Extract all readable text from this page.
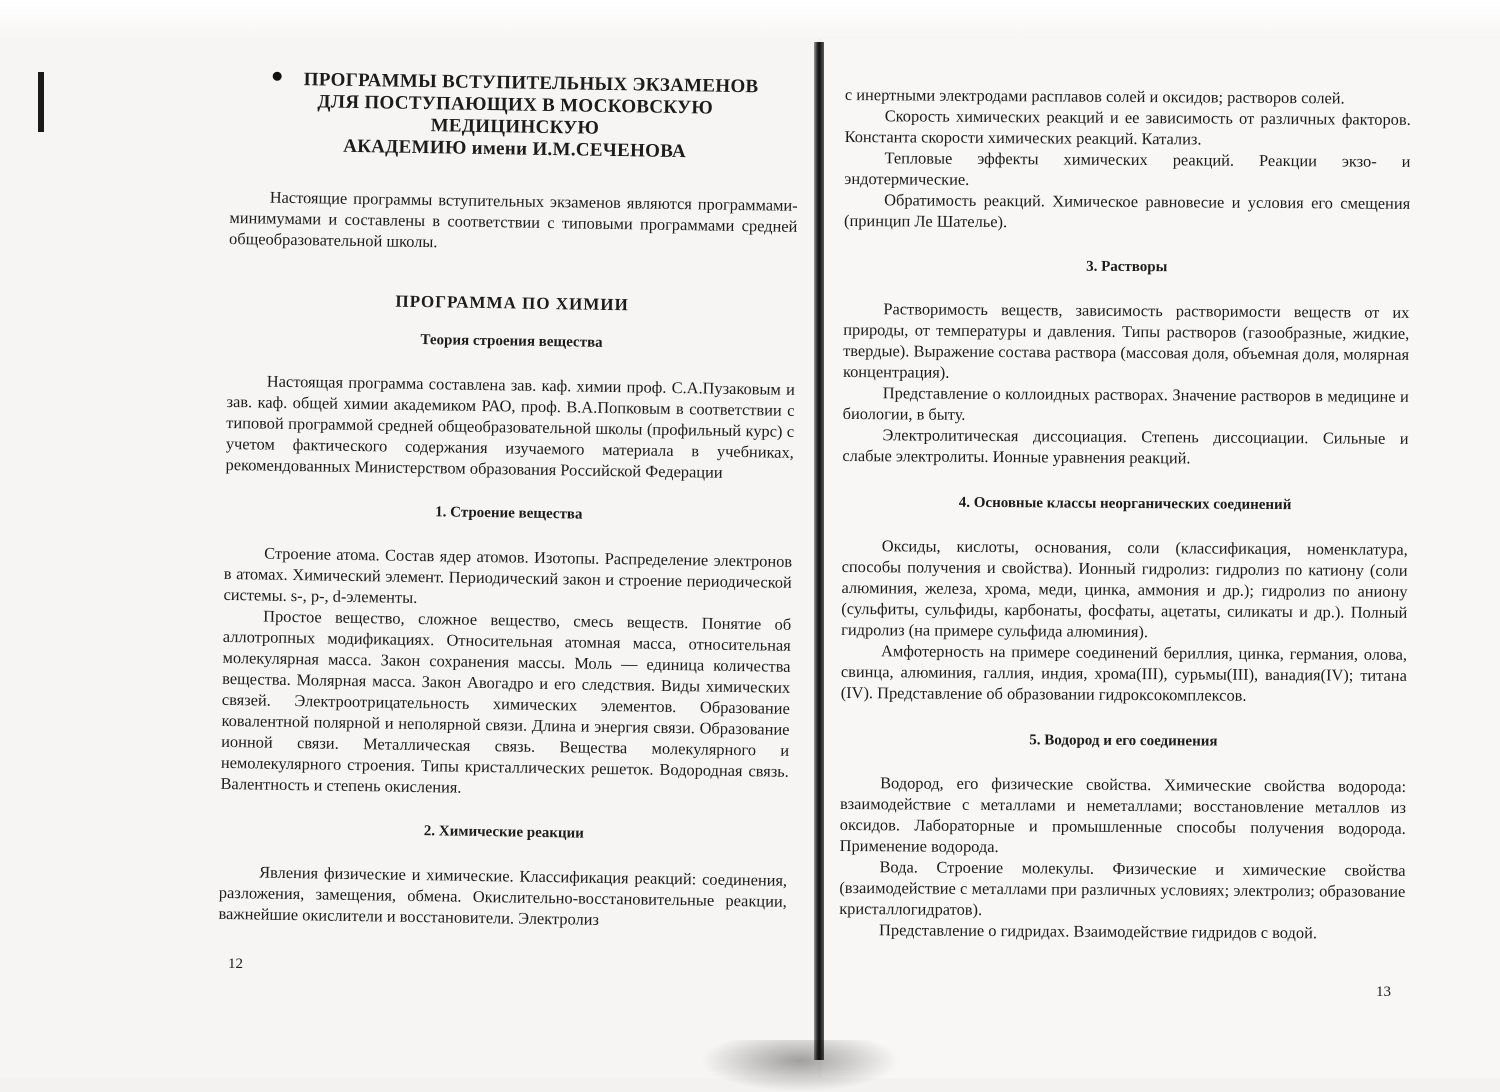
ПРОГРАММЫ ВСТУПИТЕЛЬНЫХ ЭКЗАМЕНОВ
ДЛЯ ПОСТУПАЮЩИХ В МОСКОВСКУЮ МЕДИЦИНСКУЮ
АКАДЕМИЮ имени И.М.СЕЧЕНОВА

Настоящие программы вступительных экзаменов являются программами-минимумами и составлены в соответствии с типовыми программами средней общеобразовательной школы.

ПРОГРАММА ПО ХИМИИ
Теория строения вещества

Настоящая программа составлена зав. каф. химии проф. С.А.Пузаковым и зав. каф. общей химии академиком РАО, проф. В.А.Попковым в соответствии с типовой программой средней общеобразовательной школы (профильный курс) с учетом фактического содержания изучаемого материала в учебниках, рекомендованных Министерством образования Российской Федерации

1. Строение вещества

Строение атома. Состав ядер атомов. Изотопы. Распределение электронов в атомах. Химический элемент. Периодический закон и строение периодической системы. s-, p-, d-элементы.

Простое вещество, сложное вещество, смесь веществ. Понятие об аллотропных модификациях. Относительная атомная масса, относительная молекулярная масса. Закон сохранения массы. Моль — единица количества вещества. Молярная масса. Закон Авогадро и его следствия. Виды химических связей. Электроотрицательность химических элементов. Образование ковалентной полярной и неполярной связи. Длина и энергия связи. Образование ионной связи. Металлическая связь. Вещества молекулярного и немолекулярного строения. Типы кристаллических решеток. Водородная связь. Валентность и степень окисления.

2. Химические реакции

Явления физические и химические. Классификация реакций: соединения, разложения, замещения, обмена. Окислительно-восстановительные реакции, важнейшие окислители и восстановители. Электролиз

12

с инертными электродами расплавов солей и оксидов; растворов солей.

Скорость химических реакций и ее зависимость от различных факторов. Константа скорости химических реакций. Катализ.

Тепловые эффекты химических реакций. Реакции экзо- и эндотермические.

Обратимость реакций. Химическое равновесие и условия его смещения (принцип Ле Шателье).

3. Растворы

Растворимость веществ, зависимость растворимости веществ от их природы, от температуры и давления. Типы растворов (газообразные, жидкие, твердые). Выражение состава раствора (массовая доля, объемная доля, молярная концентрация).

Представление о коллоидных растворах. Значение растворов в медицине и биологии, в быту.

Электролитическая диссоциация. Степень диссоциации. Сильные и слабые электролиты. Ионные уравнения реакций.

4. Основные классы неорганических соединений

Оксиды, кислоты, основания, соли (классификация, номенклатура, способы получения и свойства). Ионный гидролиз: гидролиз по катиону (соли алюминия, железа, хрома, меди, цинка, аммония и др.); гидролиз по аниону (сульфиты, сульфиды, карбонаты, фосфаты, ацетаты, силикаты и др.). Полный гидролиз (на примере сульфида алюминия).

Амфотерность на примере соединений бериллия, цинка, германия, олова, свинца, алюминия, галлия, индия, хрома(III), сурьмы(III), ванадия(IV); титана (IV). Представление об образовании гидроксокомплексов.

5. Водород и его соединения

Водород, его физические свойства. Химические свойства водорода: взаимодействие с металлами и неметаллами; восстановление металлов из оксидов. Лабораторные и промышленные способы получения водорода. Применение водорода.

Вода. Строение молекулы. Физические и химические свойства (взаимодействие с металлами при различных условиях; электролиз; образование кристаллогидратов).

Представление о гидридах. Взаимодействие гидридов с водой.

13
